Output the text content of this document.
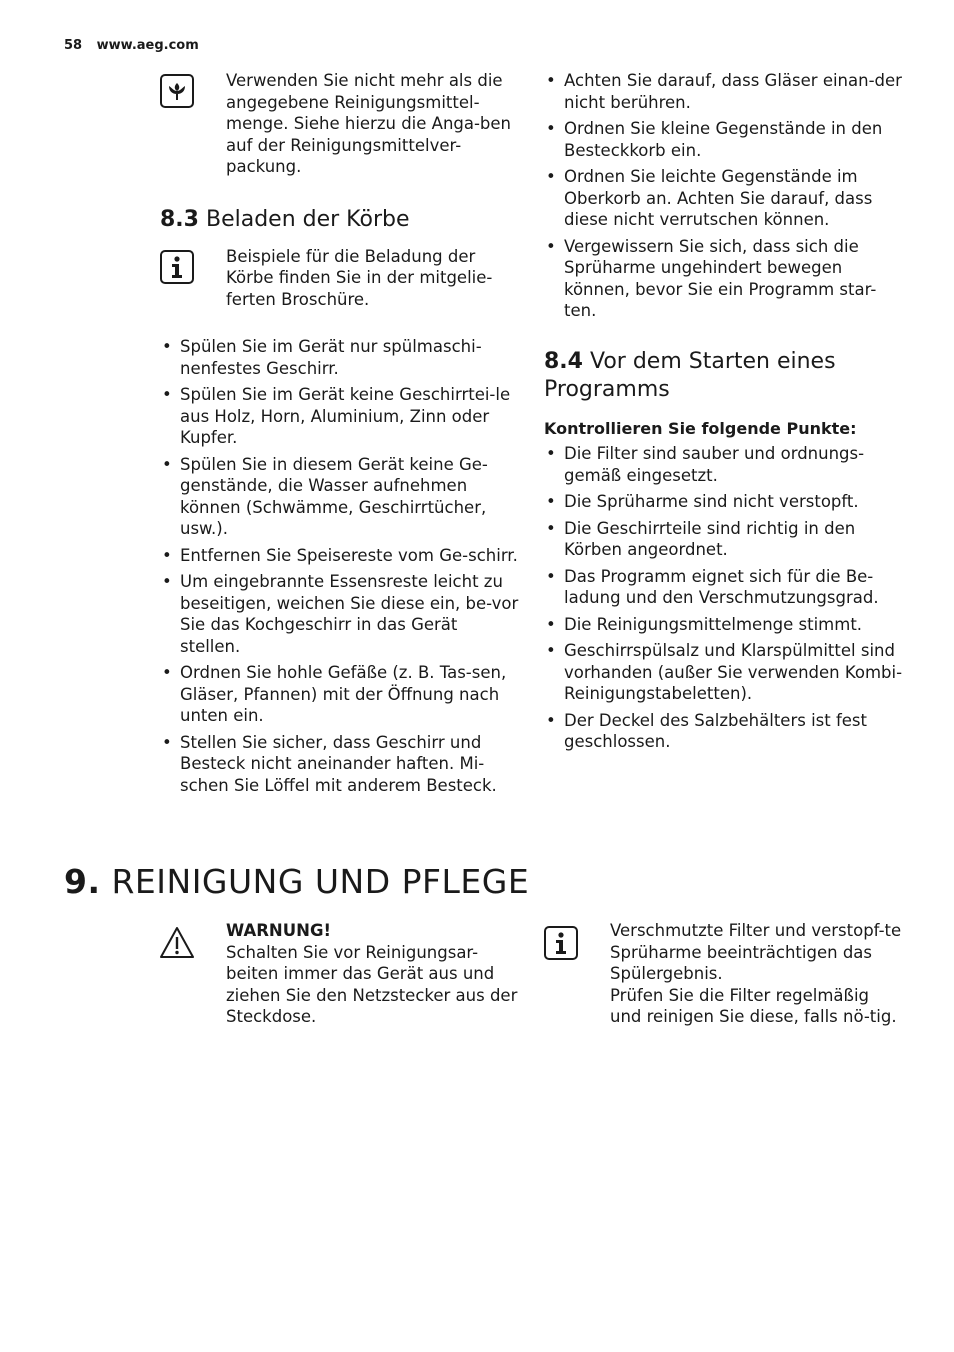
58 www.aeg.com

Verwenden Sie nicht mehr als die angegebene Reinigungsmittel-menge. Siehe hierzu die Anga-ben auf der Reinigungsmittelver-packung.

8.3 Beladen der Körbe

Beispiele für die Beladung der Körbe finden Sie in der mitgelie-ferten Broschüre.

• Spülen Sie im Gerät nur spülmaschi-nenfestes Geschirr.
• Spülen Sie im Gerät keine Geschirrtei-le aus Holz, Horn, Aluminium, Zinn oder Kupfer.
• Spülen Sie in diesem Gerät keine Ge-genstände, die Wasser aufnehmen können (Schwämme, Geschirrtücher, usw.).
• Entfernen Sie Speisereste vom Ge-schirr.
• Um eingebrannte Essensreste leicht zu beseitigen, weichen Sie diese ein, be-vor Sie das Kochgeschirr in das Gerät stellen.
• Ordnen Sie hohle Gefäße (z. B. Tas-sen, Gläser, Pfannen) mit der Öffnung nach unten ein.
• Stellen Sie sicher, dass Geschirr und Besteck nicht aneinander haften. Mi-schen Sie Löffel mit anderem Besteck.
• Achten Sie darauf, dass Gläser einan-der nicht berühren.
• Ordnen Sie kleine Gegenstände in den Besteckkorb ein.
• Ordnen Sie leichte Gegenstände im Oberkorb an. Achten Sie darauf, dass diese nicht verrutschen können.
• Vergewissern Sie sich, dass sich die Sprüharme ungehindert bewegen können, bevor Sie ein Programm star-ten.
8.4 Vor dem Starten eines Programms
Kontrollieren Sie folgende Punkte:
• Die Filter sind sauber und ordnungs-gemäß eingesetzt.
• Die Sprüharme sind nicht verstopft.
• Die Geschirrteile sind richtig in den Körben angeordnet.
• Das Programm eignet sich für die Be-ladung und den Verschmutzungsgrad.
• Die Reinigungsmittelmenge stimmt.
• Geschirrspülsalz und Klarspülmittel sind vorhanden (außer Sie verwenden Kombi-Reinigungstabeletten).
• Der Deckel des Salzbehälters ist fest geschlossen.
9. REINIGUNG UND PFLEGE
WARNUNG!

Schalten Sie vor Reinigungsar-beiten immer das Gerät aus und ziehen Sie den Netzstecker aus der Steckdose.

Verschmutzte Filter und verstopf-te Sprüharme beeinträchtigen das Spülergebnis.

Prüfen Sie die Filter regelmäßig und reinigen Sie diese, falls nö-tig.
